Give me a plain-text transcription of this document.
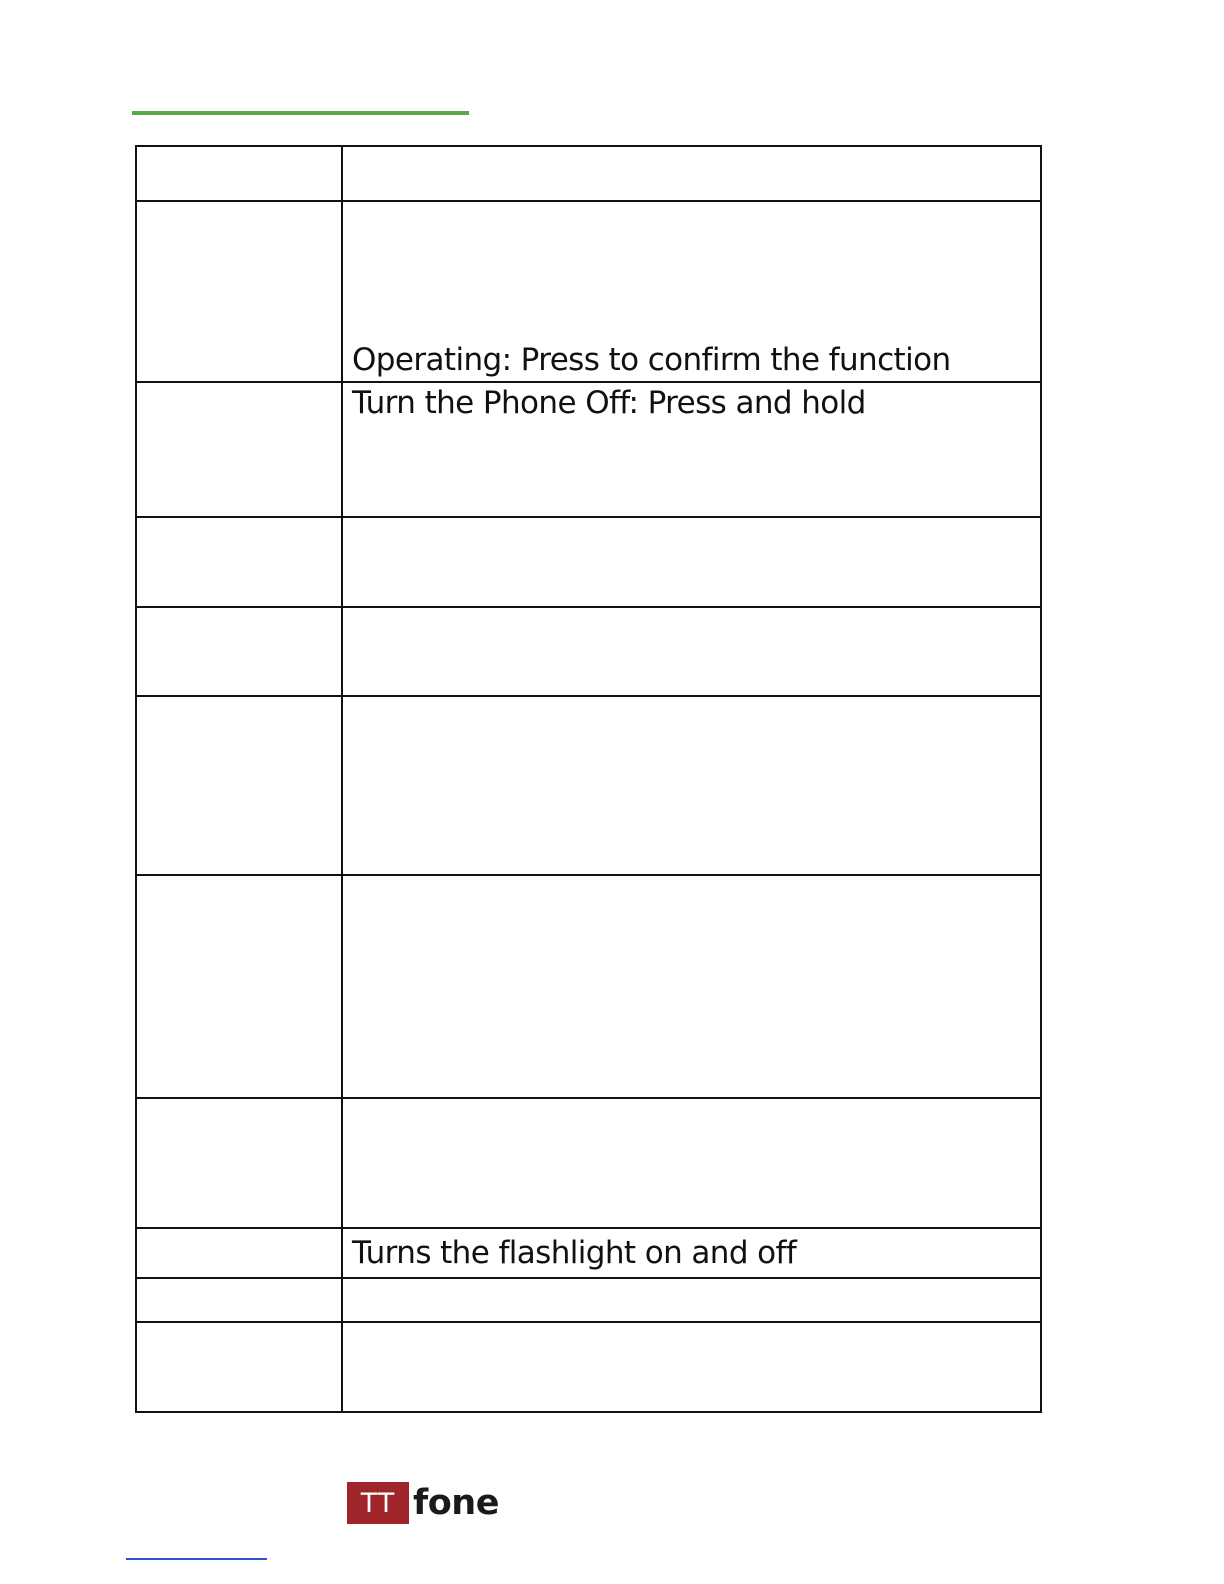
	Operating: Press to confirm the function
	Turn the Phone Off: Press and hold

	Turns the flashlight on and off

TT fone
